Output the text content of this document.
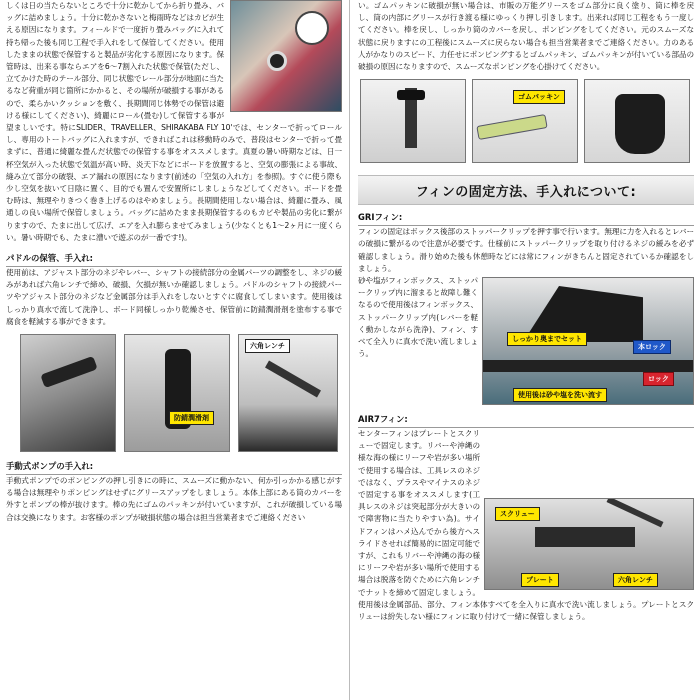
しくは日の当たらないところで十分に乾かしてから折り畳み、バッグに詰めましょう。十分に乾かさないと梅雨時などはカビが生える原因になります。フィールドで一度折り畳みバッグに入れて持ち帰った後も同じ工程で手入れをして保管してください。使用したままの状態で保管すると製品が劣化する原因になります。保管時は、出来る事ならエアを6〜7割入れた状態で保管(ただし、立てかけた時のテール部分、同じ状態でレール部分が地面に当たるなど荷重が同じ箇所にかかると、その場所が破損する事があるので、柔らかいクッションを敷く、長期間同じ体勢での保管は避ける様にしてください)、綺麗にロール(畳む)して保管する事が望ましいです。特にSLIDER、TRAVELLER、SHIRAKABA FLY 10'では、センターで折ってロールし、専用のトートバッグに入れますが、できればこれは移動時のみで、普段はセンターで折って畳まずに、普通に綺麗な畳んだ状態での保管する事をオススメします。真夏の暑い時期などは、日一杯空気が入った状態で気温が高い時、炎天下などにボードを放置すると、空気の膨張による事故、縫み立て部分の破裂、エア漏れの原因になります(前述の「空気の入れ方」を参照)。すぐに使う際も少し空気を抜いて日陰に置く、目的でも置んで安置所にしましょうなどしてください。ボードを畳む時は、無理やりきつく巻き上げるのはやめましょう。長期間使用しない場合は、綺麗に畳み、風通しの良い場所で保管しましょう。バッグに詰めたまま長期保管するのもカビや製品の劣化に繋がりますので、たまに出して広げ、エアを入れ膨らませてみましょう(少なくとも1〜2ヶ月に一度くらい。暑い時期でも、たまに漕いで遊ぶのが一番です!)。

パドルの保管、手入れ:

使用前は、アジャスト部分のネジやレバー、シャフトの接続部分の金属パーツの調整をし、ネジの緩みがあれば六角レンチで締め、破損、欠損が無いか確認しましょう。パドルのシャフトの接続パーツやアジャスト部分のネジなど金属部分は手入れをしないとすぐに腐食してしまいます。使用後はしっかり真水で流して洗浄し、ボード同様しっかり乾燥させ、保管前に防錆潤滑剤を塗布する事で腐食を軽減する事ができます。

防錆潤滑剤
六角レンチ
手動式ポンプの手入れ:

手動式ポンプでのポンピングの押し引きにの時に、スムーズに動かない、何か引っかかる感じがする場合は無理やりポンピングはせずにグリースアップをしましょう。本体上部にある筒のカバーを外すとポンプの棒が抜けます。棒の先にゴムのパッキンが付いていますが、これが破損している場合は交換になります。お客様のポンプが破損状態の場合は担当営業者までご連絡ください

い。ゴムパッキンに破損が無い場合は、市販の万能グリースをゴム部分に良く塗り、筒に棒を戻し、筒の内部にグリースが行き渡る様にゆっくり押し引きします。出来れば同じ工程をもう一度してください。棒を戻し、しっかり筒のカバーを戻し、ポンピングをしてください。元のスムーズな状態に戻りますにの工程後にスムーズに戻らない場合も担当営業者までご連絡ください。力のある人がかなりのスピード、力任せにポンピングするとゴムパッキン、ゴムパッキンが付いている部品の破損の原因になりますので、スムーズなポンピングを心掛けてください。

ゴムパッキン
フィンの固定方法、手入れについて:
GRIフィン:

フィンの固定はボックス後部のストッパークリップを押す事で行います。無理に力を入れるとレバーの破損に繋がるので注意が必要です。仕様前にストッパークリップを取り付けるネジの緩みを必ず確認しましょう。滑り始めた後も休憩時などには常にフィンがきちんと固定されているか確認をしましょう。

しっかり奥までセット
本ロック
ロック
使用後は砂や塩を洗い流す

砂や塩がフィンボックス、ストッパークリップ内に溜まると故障し難くなるので使用後はフィンボックス、ストッパークリップ内(レバーを軽く動かしながら洗浄)、フィン、すべて全入りに真水で洗い流しましょう。

AIR7フィン:
スクリュー
プレート	六角レンチ

センターフィンはプレートとスクリューで固定します。リバーや沖縄の様な海の様にリーフや岩が多い場所で使用する場合は、工具レスのネジではなく、プラスやマイナスのネジで固定する事をオススメします(工具レスのネジは突起部分が大きいので障害物に当たりやすい為)。サイドフィンはハメ込んでから後方へスライドさせれば簡易的に固定可能ですが、これもリバーや沖縄の海の様にリーフや岩が多い場所で使用する場合は脱落を防ぐために六角レンチでナットを締めて固定しましょう。使用後は金属部品、部分、フィン本体すべてを全入りに真水で洗い流しましょう。プレートとスクリューは紛失しない様にフィンに取り付けて一緒に保管しましょう。
